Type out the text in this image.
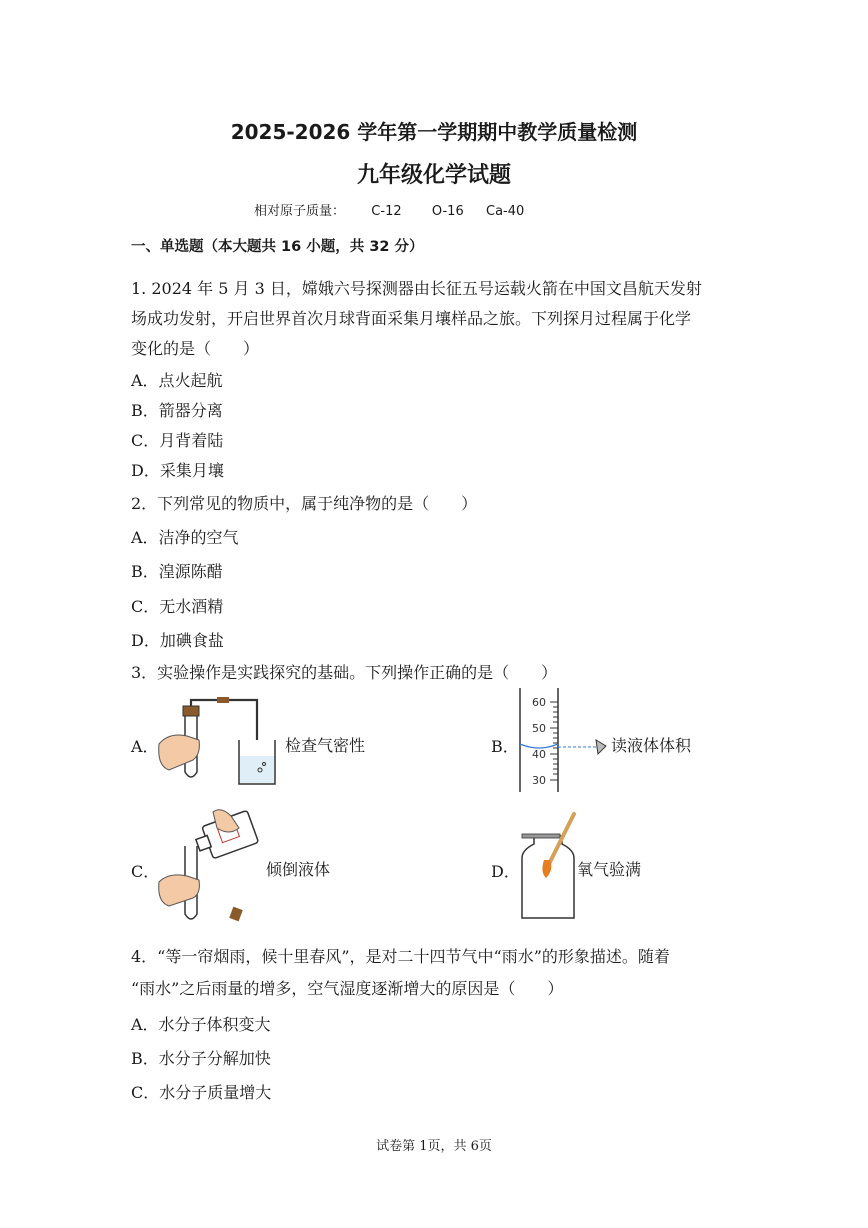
2025-2026 学年第一学期期中教学质量检测
九年级化学试题
相对原子质量： C-12 O-16 Ca-40
一、单选题（本大题共 16 小题，共 32 分）
1. 2024 年 5 月 3 日，嫦娥六号探测器由长征五号运载火箭在中国文昌航天发射
场成功发射，开启世界首次月球背面采集月壤样品之旅。下列探月过程属于化学
变化的是（　　）
A．点火起航
B．箭器分离
C．月背着陆
D．采集月壤
2．下列常见的物质中，属于纯净物的是（　　）
A．洁净的空气
B．湟源陈醋
C．无水酒精
D．加碘食盐
3．实验操作是实践探究的基础。下列操作正确的是（　　）
A．	检查气密性	B．
60
50
40
30
读液体体积
C．	倾倒液体	D．	氧气验满
4．“等一帘烟雨，候十里春风”，是对二十四节气中“雨水”的形象描述。随着
“雨水”之后雨量的增多，空气湿度逐渐增大的原因是（　　）
A．水分子体积变大
B．水分子分解加快
C．水分子质量增大
试卷第 1页，共 6页
